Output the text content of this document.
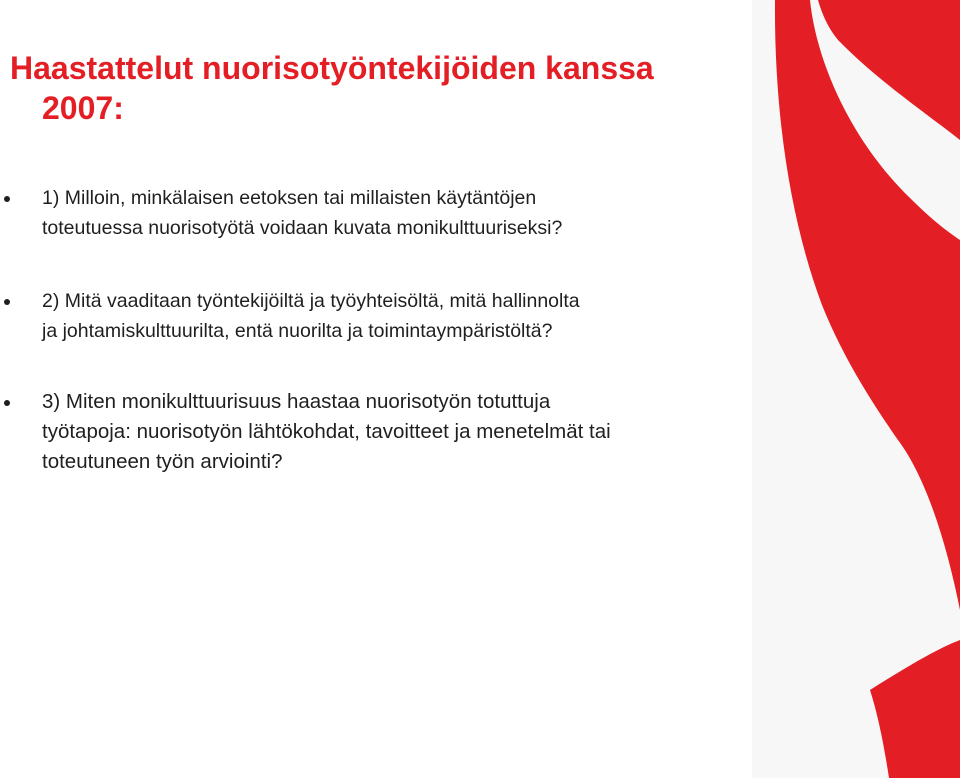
Haastattelut nuorisotyöntekijöiden kanssa
2007:
1) Milloin, minkälaisen eetoksen tai millaisten käytäntöjen
toteutuessa nuorisotyötä voidaan kuvata monikulttuuriseksi?
2) Mitä vaaditaan työntekijöiltä ja työyhteisöltä, mitä hallinnolta
ja johtamiskulttuurilta, entä nuorilta ja toimintaympäristöltä?
3) Miten monikulttuurisuus haastaa nuorisotyön totuttuja
työtapoja: nuorisotyön lähtökohdat, tavoitteet ja menetelmät tai
toteutuneen työn arviointi?
